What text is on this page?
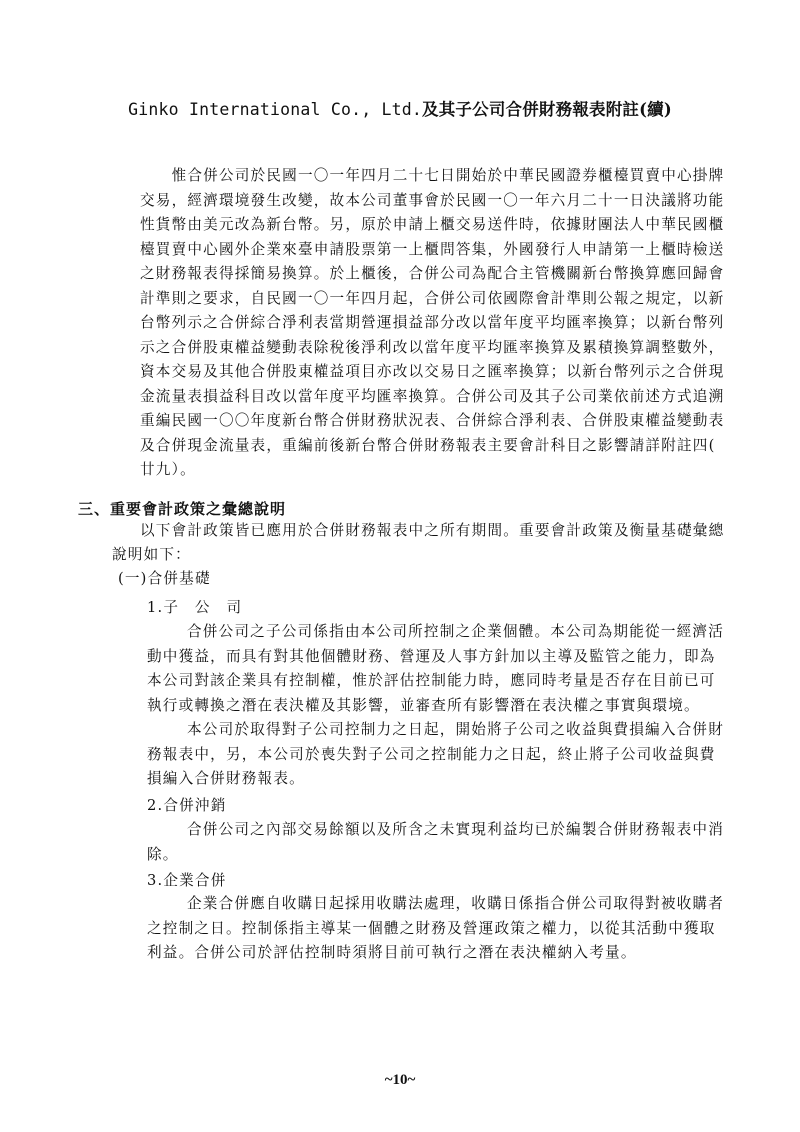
Ginko International Co., Ltd.及其子公司合併財務報表附註(續)
　　惟合併公司於民國一〇一年四月二十七日開始於中華民國證券櫃檯買賣中心掛牌
交易，經濟環境發生改變，故本公司董事會於民國一〇一年六月二十一日決議將功能
性貨幣由美元改為新台幣。另，原於申請上櫃交易送件時，依據財團法人中華民國櫃
檯買賣中心國外企業來臺申請股票第一上櫃問答集，外國發行人申請第一上櫃時檢送
之財務報表得採簡易換算。於上櫃後，合併公司為配合主管機關新台幣換算應回歸會
計準則之要求，自民國一〇一年四月起，合併公司依國際會計準則公報之規定，以新
台幣列示之合併綜合淨利表當期營運損益部分改以當年度平均匯率換算；以新台幣列
示之合併股東權益變動表除稅後淨利改以當年度平均匯率換算及累積換算調整數外，
資本交易及其他合併股東權益項目亦改以交易日之匯率換算；以新台幣列示之合併現
金流量表損益科目改以當年度平均匯率換算。合併公司及其子公司業依前述方式追溯
重編民國一〇〇年度新台幣合併財務狀況表、合併綜合淨利表、合併股東權益變動表
及合併現金流量表，重編前後新台幣合併財務報表主要會計科目之影響請詳附註四(
廿九）。
三、重要會計政策之彙總說明
以下會計政策皆已應用於合併財務報表中之所有期間。重要會計政策及衡量基礎彙總
說明如下：
(一)合併基礎
1.子　公　司
合併公司之子公司係指由本公司所控制之企業個體。本公司為期能從一經濟活
動中獲益，而具有對其他個體財務、營運及人事方針加以主導及監管之能力，即為
本公司對該企業具有控制權，惟於評估控制能力時，應同時考量是否存在目前已可
執行或轉換之潛在表決權及其影響，並審查所有影響潛在表決權之事實與環境。
本公司於取得對子公司控制力之日起，開始將子公司之收益與費損編入合併財
務報表中，另，本公司於喪失對子公司之控制能力之日起，終止將子公司收益與費
損編入合併財務報表。
2.合併沖銷
合併公司之內部交易餘額以及所含之未實現利益均已於編製合併財務報表中消
除。
3.企業合併
企業合併應自收購日起採用收購法處理，收購日係指合併公司取得對被收購者
之控制之日。控制係指主導某一個體之財務及營運政策之權力，以從其活動中獲取
利益。合併公司於評估控制時須將目前可執行之潛在表決權納入考量。
~10~
